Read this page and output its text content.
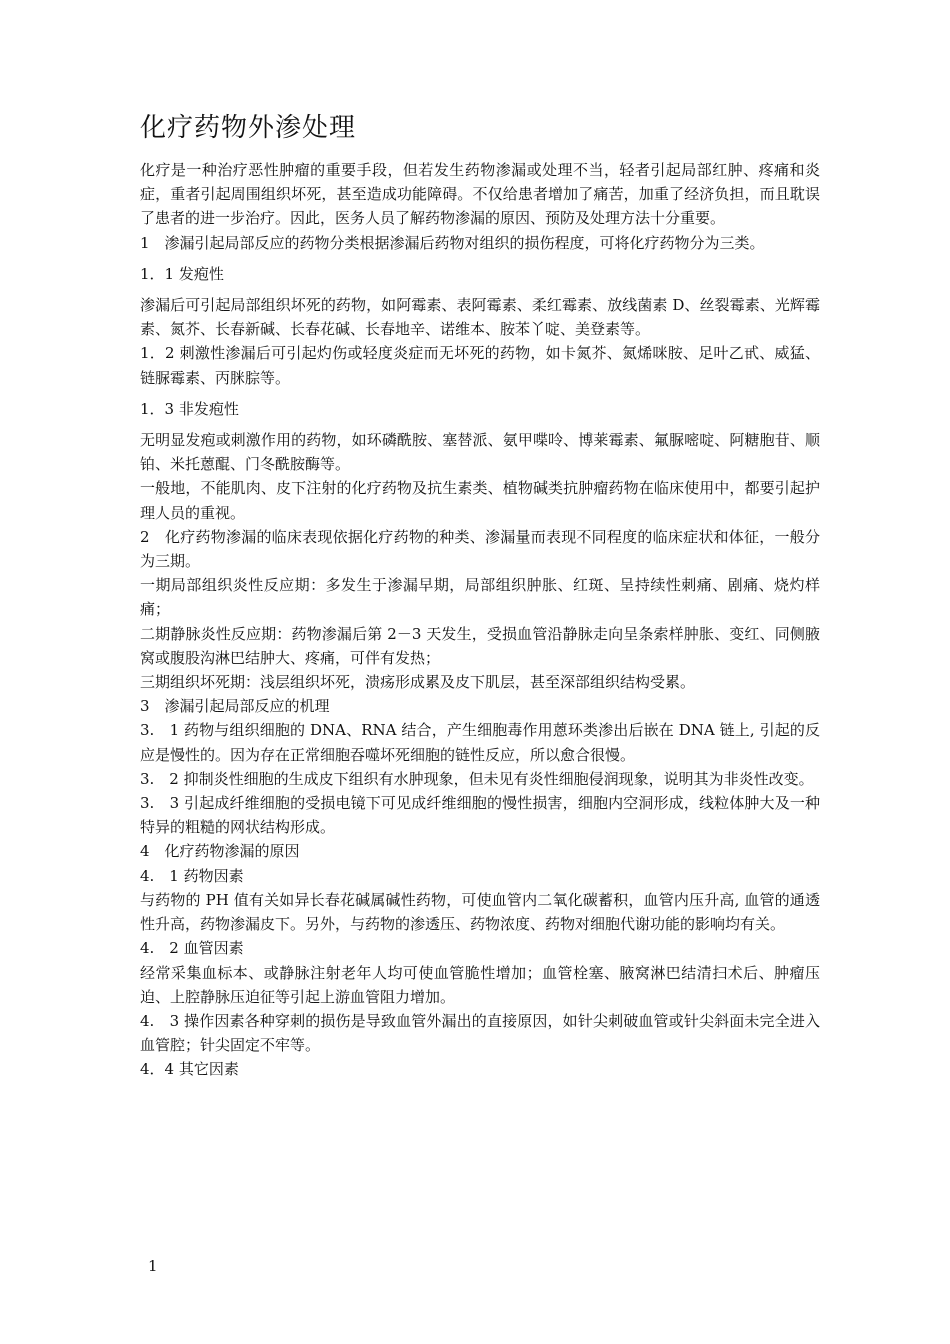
化疗药物外渗处理

化疗是一种治疗恶性肿瘤的重要手段，但若发生药物渗漏或处理不当，轻者引起局部红肿、疼痛和炎症，重者引起周围组织坏死，甚至造成功能障碍。不仅给患者增加了痛苦，加重了经济负担，而且耽误了患者的进一步治疗。因此，医务人员了解药物渗漏的原因、预防及处理方法十分重要。

1　渗漏引起局部反应的药物分类根据渗漏后药物对组织的损伤程度，可将化疗药物分为三类。

1．1 发疱性

渗漏后可引起局部组织坏死的药物，如阿霉素、表阿霉素、柔红霉素、放线菌素 D、丝裂霉素、光辉霉素、氮芥、长春新碱、长春花碱、长春地辛、诺维本、胺苯丫啶、美登素等。

1．2 刺激性渗漏后可引起灼伤或轻度炎症而无坏死的药物，如卡氮芥、氮烯咪胺、足叶乙甙、威猛、链脲霉素、丙脒腙等。

1．3 非发疱性

无明显发疱或刺激作用的药物，如环磷酰胺、塞替派、氨甲喋呤、博莱霉素、氟脲嘧啶、阿糖胞苷、顺铂、米托蒽醌、门冬酰胺酶等。

一般地，不能肌肉、皮下注射的化疗药物及抗生素类、植物碱类抗肿瘤药物在临床使用中，都要引起护理人员的重视。

2　化疗药物渗漏的临床表现依据化疗药物的种类、渗漏量而表现不同程度的临床症状和体征，一般分为三期。

一期局部组织炎性反应期：多发生于渗漏早期，局部组织肿胀、红斑、呈持续性刺痛、剧痛、烧灼样痛；

二期静脉炎性反应期：药物渗漏后第 2－3 天发生，受损血管沿静脉走向呈条索样肿胀、变红、同侧腋窝或腹股沟淋巴结肿大、疼痛，可伴有发热；

三期组织坏死期：浅层组织坏死，溃疡形成累及皮下肌层，甚至深部组织结构受累。

3　渗漏引起局部反应的机理

3.　1 药物与组织细胞的 DNA、RNA 结合，产生细胞毒作用蒽环类渗出后嵌在 DNA 链上, 引起的反应是慢性的。因为存在正常细胞吞噬坏死细胞的链性反应，所以愈合很慢。

3.　2 抑制炎性细胞的生成皮下组织有水肿现象，但未见有炎性细胞侵润现象，说明其为非炎性改变。

3.　3 引起成纤维细胞的受损电镜下可见成纤维细胞的慢性损害，细胞内空洞形成，线粒体肿大及一种特异的粗糙的网状结构形成。

4　化疗药物渗漏的原因

4.　1 药物因素

与药物的 PH 值有关如异长春花碱属碱性药物，可使血管内二氧化碳蓄积，血管内压升高, 血管的通透性升高，药物渗漏皮下。另外，与药物的渗透压、药物浓度、药物对细胞代谢功能的影响均有关。

4.　2 血管因素

经常采集血标本、或静脉注射老年人均可使血管脆性增加；血管栓塞、腋窝淋巴结清扫术后、肿瘤压迫、上腔静脉压迫征等引起上游血管阻力增加。

4.　3 操作因素各种穿刺的损伤是导致血管外漏出的直接原因，如针尖刺破血管或针尖斜面未完全进入血管腔；针尖固定不牢等。

4．4 其它因素

1
